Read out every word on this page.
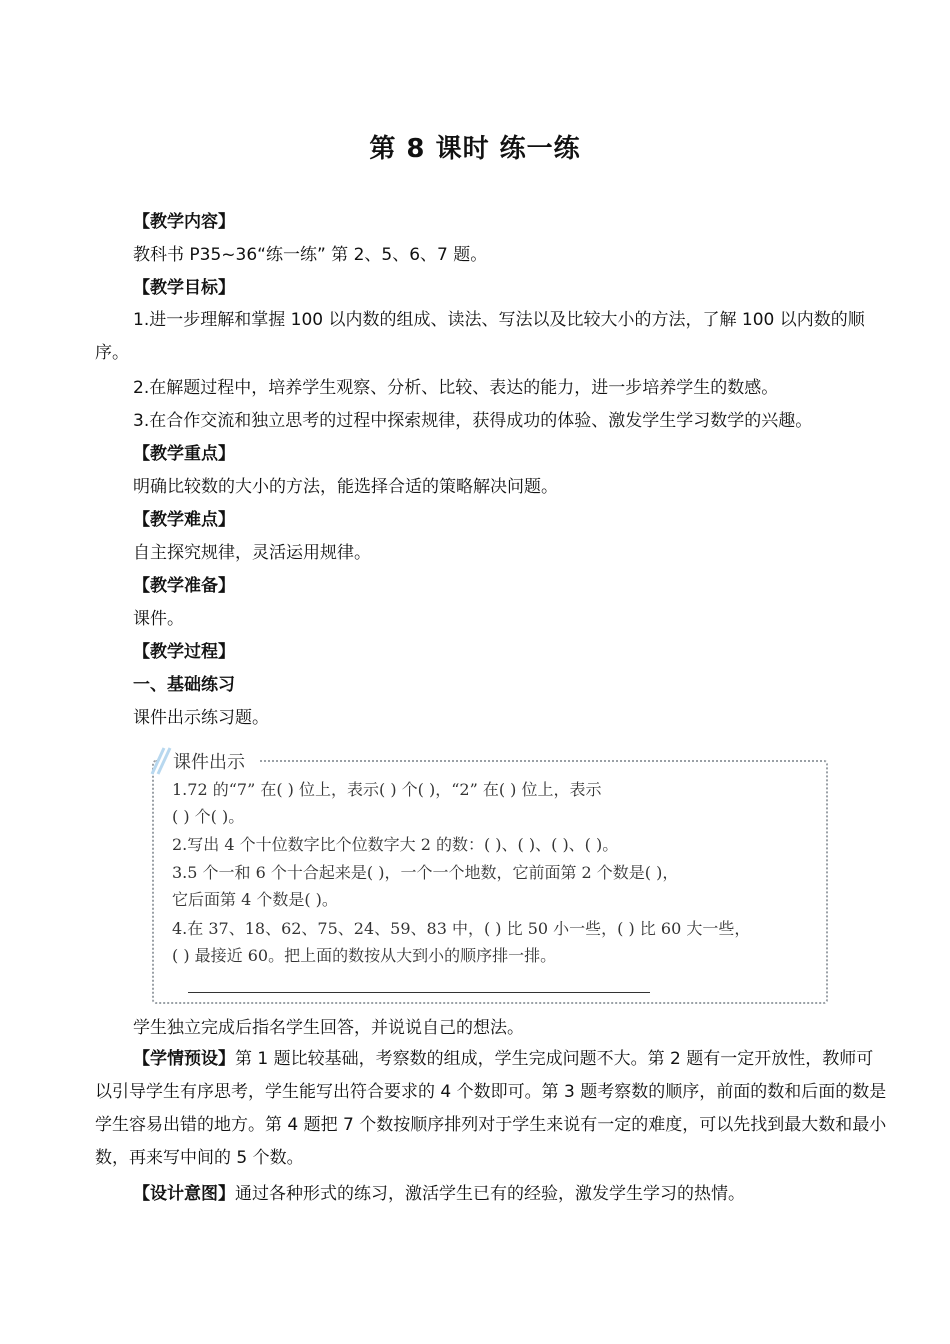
第 8 课时 练一练
【教学内容】
教科书 P35~36“练一练” 第 2、5、6、7 题。
【教学目标】
1.进一步理解和掌握 100 以内数的组成、读法、写法以及比较大小的方法，了解 100 以内数的顺序。
2.在解题过程中，培养学生观察、分析、比较、表达的能力，进一步培养学生的数感。
3.在合作交流和独立思考的过程中探索规律，获得成功的体验、激发学生学习数学的兴趣。
【教学重点】
明确比较数的大小的方法，能选择合适的策略解决问题。
【教学难点】
自主探究规律，灵活运用规律。
【教学准备】
课件。
【教学过程】
一、基础练习
课件出示练习题。
课件出示
1.72 的“7” 在( ) 位上，表示( ) 个( )，“2” 在( ) 位上，表示
( ) 个( )。
2.写出 4 个十位数字比个位数字大 2 的数：( )、( )、( )、( )。
3.5 个一和 6 个十合起来是( )，一个一个地数，它前面第 2 个数是( )，
它后面第 4 个数是( )。
4.在 37、18、62、75、24、59、83 中，( ) 比 50 小一些，( ) 比 60 大一些，
( ) 最接近 60。把上面的数按从大到小的顺序排一排。
学生独立完成后指名学生回答，并说说自己的想法。
【学情预设】第 1 题比较基础，考察数的组成，学生完成问题不大。第 2 题有一定开放性，教师可以引导学生有序思考，学生能写出符合要求的 4 个数即可。第 3 题考察数的顺序，前面的数和后面的数是学生容易出错的地方。第 4 题把 7 个数按顺序排列对于学生来说有一定的难度，可以先找到最大数和最小数，再来写中间的 5 个数。
【设计意图】通过各种形式的练习，激活学生已有的经验，激发学生学习的热情。
